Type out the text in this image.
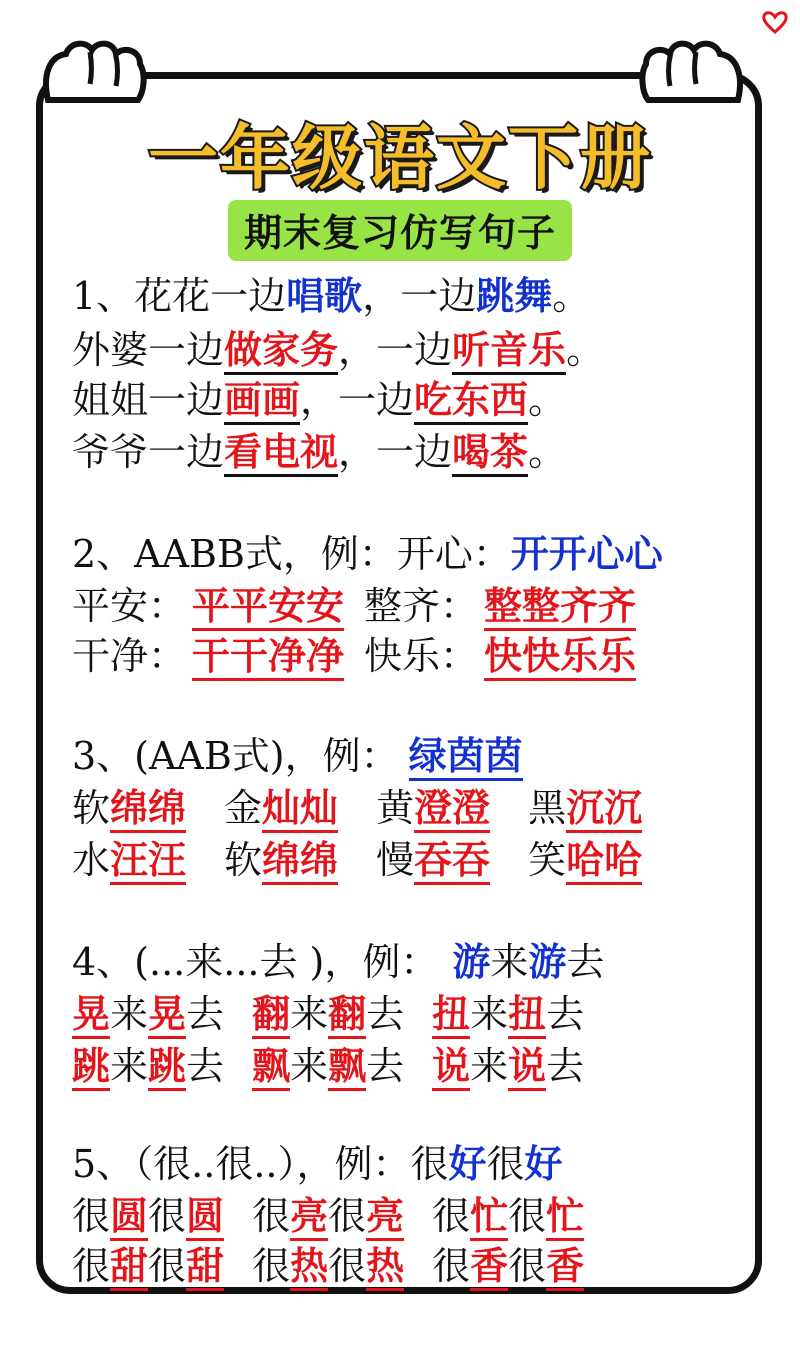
一年级语文下册
期末复习仿写句子
1、花花一边唱歌，一边跳舞。
外婆一边做家务，一边听音乐。
姐姐一边画画，一边吃东西。
爷爷一边看电视，一边喝茶。
2、AABB式，例：开心：开开心心
平安： 平平安安 整齐： 整整齐齐
干净： 干干净净 快乐： 快快乐乐
3、(AAB式)，例： 绿茵茵
软绵绵 金灿灿 黄澄澄 黑沉沉
水汪汪 软绵绵 慢吞吞 笑哈哈
4、(...来...去 )，例： 游来游去
晃来晃去 翻来翻去 扭来扭去
跳来跳去 飘来飘去 说来说去
5、（很..很..），例：很好很好
很圆很圆 很亮很亮 很忙很忙
很甜很甜 很热很热 很香很香
